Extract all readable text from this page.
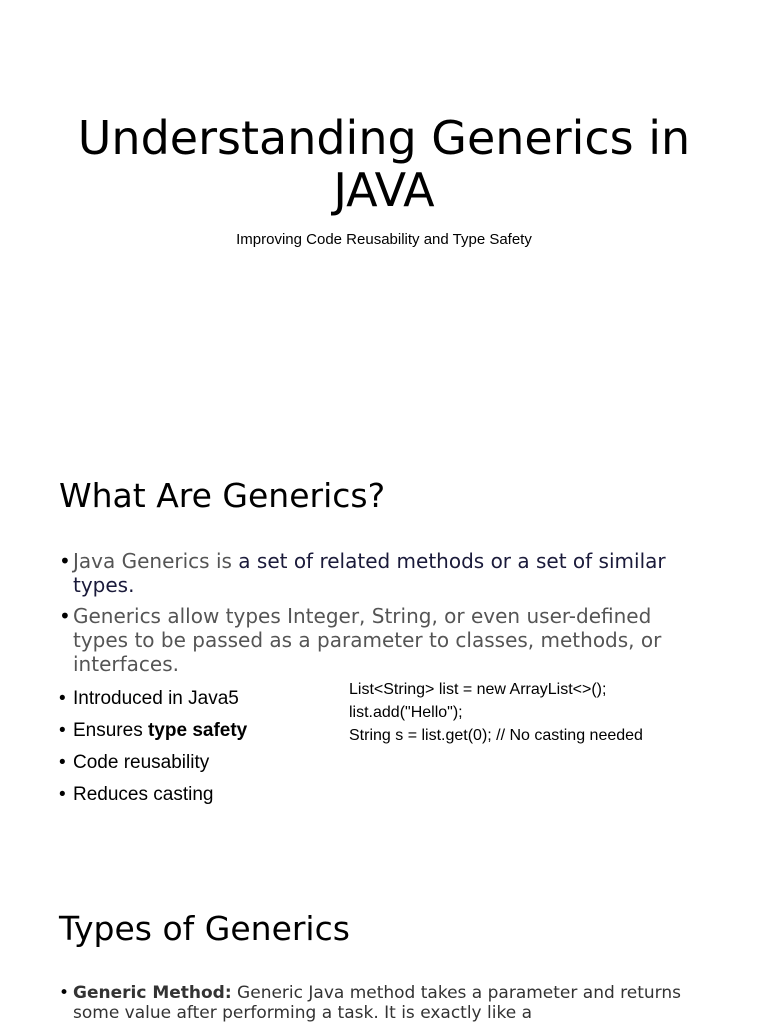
Understanding Generics in JAVA
Improving Code Reusability and Type Safety
What Are Generics?
• Java Generics is a set of related methods or a set of similar types.
• Generics allow types Integer, String, or even user-defined types to be passed as a parameter to classes, methods, or interfaces.
• Introduced in Java5
• Ensures type safety
• Code reusability
• Reduces casting
List<String> list = new ArrayList<>();
list.add("Hello");
String s = list.get(0); // No casting needed
Types of Generics
• Generic Method: Generic Java method takes a parameter and returns some value after performing a task. It is exactly like a
